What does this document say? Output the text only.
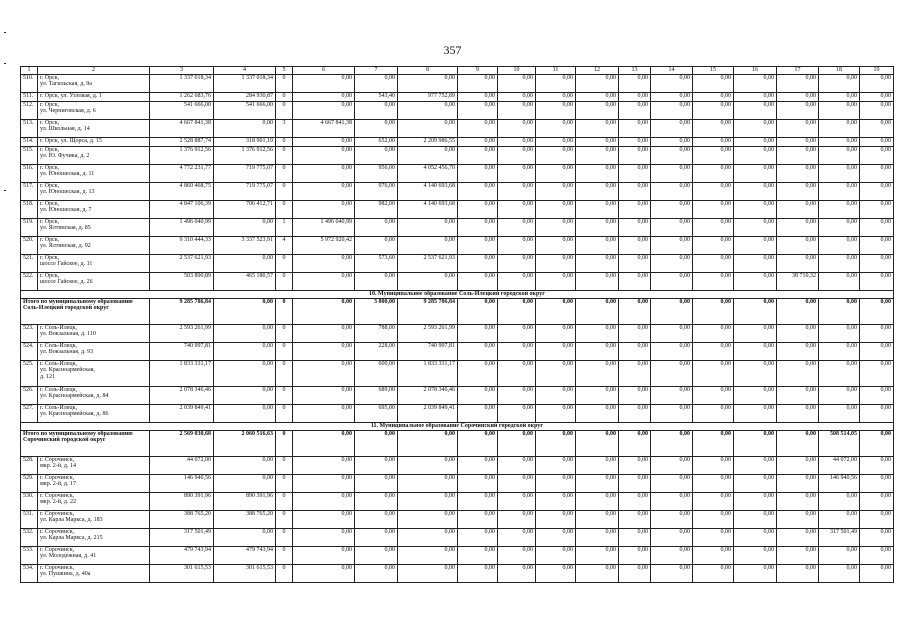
357
1	2	3	4	5	6	7	8	9	10	11	12	13	14	15	16	17	18	19
510.	г. Орск,
ул. Тагильская, д. 9а	1 337 018,34	1 337 018,34	0	0,00	0,00	0,00	0,00	0,00	0,00	0,00	0,00	0,00	0,00	0,00	0,00	0,00	0,00
511.	г. Орск, ул. Узловая, д. 1	1 262 683,76	284 930,87	0	0,00	543,40	977 752,89	0,00	0,00	0,00	0,00	0,00	0,00	0,00	0,00	0,00	0,00	0,00
512.	г. Орск,
ул. Черниговская, д. 6	541 666,00	541 666,00	0	0,00	0,00	0,00	0,00	0,00	0,00	0,00	0,00	0,00	0,00	0,00	0,00	0,00	0,00
513.	г. Орск,
ул. Школьная, д. 14	4 667 841,38	0,00	3	4 667 841,38	0,00	0,00	0,00	0,00	0,00	0,00	0,00	0,00	0,00	0,00	0,00	0,00	0,00
514.	г. Орск, ул. Щорса, д. 15	2 528 887,74	318 901,19	0	0,00	652,00	2 209 986,55	0,00	0,00	0,00	0,00	0,00	0,00	0,00	0,00	0,00	0,00	0,00
515.	г. Орск,
ул. Ю. Фучика, д. 2	1 376 912,56	1 376 912,56	0	0,00	0,00	0,00	0,00	0,00	0,00	0,00	0,00	0,00	0,00	0,00	0,00	0,00	0,00
516.	г. Орск,
ул. Юношеская, д. 11	4 772 231,77	719 775,07	0	0,00	956,00	4 052 456,70	0,00	0,00	0,00	0,00	0,00	0,00	0,00	0,00	0,00	0,00	0,00
517.	г. Орск,
ул. Юношеская, д. 13	4 860 468,75	719 775,07	0	0,00	976,00	4 140 693,68	0,00	0,00	0,00	0,00	0,00	0,00	0,00	0,00	0,00	0,00	0,00
518.	г. Орск,
ул. Юношеская, д. 7	4 847 106,39	706 412,71	0	0,00	982,00	4 140 693,68	0,00	0,00	0,00	0,00	0,00	0,00	0,00	0,00	0,00	0,00	0,00
519.	г. Орск,
ул. Ялтинская, д. 85	1 496 040,99	0,00	1	1 496 040,99	0,00	0,00	0,00	0,00	0,00	0,00	0,00	0,00	0,00	0,00	0,00	0,00	0,00
520.	г. Орск,
ул. Ялтинская, д. 92	9 310 444,33	3 337 523,91	4	5 972 920,42	0,00	0,00	0,00	0,00	0,00	0,00	0,00	0,00	0,00	0,00	0,00	0,00	0,00
521.	г. Орск,
шоссе Гайское, д. 11	2 537 621,93	0,00	0	0,00	573,60	2 537 621,93	0,00	0,00	0,00	0,00	0,00	0,00	0,00	0,00	0,00	0,00	0,00
522.	г. Орск,
шоссе Гайское, д. 26	503 890,89	465 180,57	0	0,00	0,00	0,00	0,00	0,00	0,00	0,00	0,00	0,00	0,00	0,00	38 710,32	0,00	0,00
10. Муниципальное образование Соль-Илецкий городской округ																		
Итого по муниципальному образованию Соль-Илецкий городской округ		9 285 786,84	0,00	0	0,00	3 800,00	9 285 786,84	0,00	0,00	0,00	0,00	0,00	0,00	0,00	0,00	0,00	0,00	0,00
523.	г. Соль-Илецк,
ул. Вокзальная, д. 110	2 593 261,99	0,00	0	0,00	788,00	2 593 261,99	0,00	0,00	0,00	0,00	0,00	0,00	0,00	0,00	0,00	0,00	0,00
524.	г. Соль-Илецк,
ул. Вокзальная, д. 93	740 997,81	0,00	0	0,00	228,00	740 997,81	0,00	0,00	0,00	0,00	0,00	0,00	0,00	0,00	0,00	0,00	0,00
525.	г. Соль-Илецк,
ул. Красноармейская,
д. 121	1 833 331,17	0,00	0	0,00	600,00	1 833 331,17	0,00	0,00	0,00	0,00	0,00	0,00	0,00	0,00	0,00	0,00	0,00
526.	г. Соль-Илецк,
ул. Красноармейская, д. 84	2 078 346,46	0,00	0	0,00	689,00	2 078 346,46	0,00	0,00	0,00	0,00	0,00	0,00	0,00	0,00	0,00	0,00	0,00
527.	г. Соль-Илецк,
ул. Красноармейская, д. 86	2 039 849,41	0,00	0	0,00	695,00	2 039 849,41	0,00	0,00	0,00	0,00	0,00	0,00	0,00	0,00	0,00	0,00	0,00
11. Муниципальное образование Сорочинский городской округ																		
Итого по муниципальному образованию Сорочинский городской округ		2 569 030,68	2 060 516,63	0	0,00	0,00	0,00	0,00	0,00	0,00	0,00	0,00	0,00	0,00	0,00	0,00	508 514,05	0,00
528.	г. Сорочинск,
мкр. 2-й, д. 14	44 072,00	0,00	0	0,00	0,00	0,00	0,00	0,00	0,00	0,00	0,00	0,00	0,00	0,00	0,00	44 072,00	0,00
529.	г. Сорочинск,
мкр. 2-й, д. 17	146 940,56	0,00	0	0,00	0,00	0,00	0,00	0,00	0,00	0,00	0,00	0,00	0,00	0,00	0,00	146 940,56	0,00
530.	г. Сорочинск,
мкр. 2-й, д. 22	890 391,96	890 391,96	0	0,00	0,00	0,00	0,00	0,00	0,00	0,00	0,00	0,00	0,00	0,00	0,00	0,00	0,00
531.	г. Сорочинск,
ул. Карла Маркса, д. 183	388 765,20	388 765,20	0	0,00	0,00	0,00	0,00	0,00	0,00	0,00	0,00	0,00	0,00	0,00	0,00	0,00	0,00
532.	г. Сорочинск,
ул. Карла Маркса, д. 215	317 501,49	0,00	0	0,00	0,00	0,00	0,00	0,00	0,00	0,00	0,00	0,00	0,00	0,00	0,00	317 501,49	0,00
533.	г. Сорочинск,
ул. Молодежная, д. 41	479 743,94	479 743,94	0	0,00	0,00	0,00	0,00	0,00	0,00	0,00	0,00	0,00	0,00	0,00	0,00	0,00	0,00
534.	г. Сорочинск,
ул. Пушкина, д. 40а	301 615,53	301 615,53	0	0,00	0,00	0,00	0,00	0,00	0,00	0,00	0,00	0,00	0,00	0,00	0,00	0,00	0,00
